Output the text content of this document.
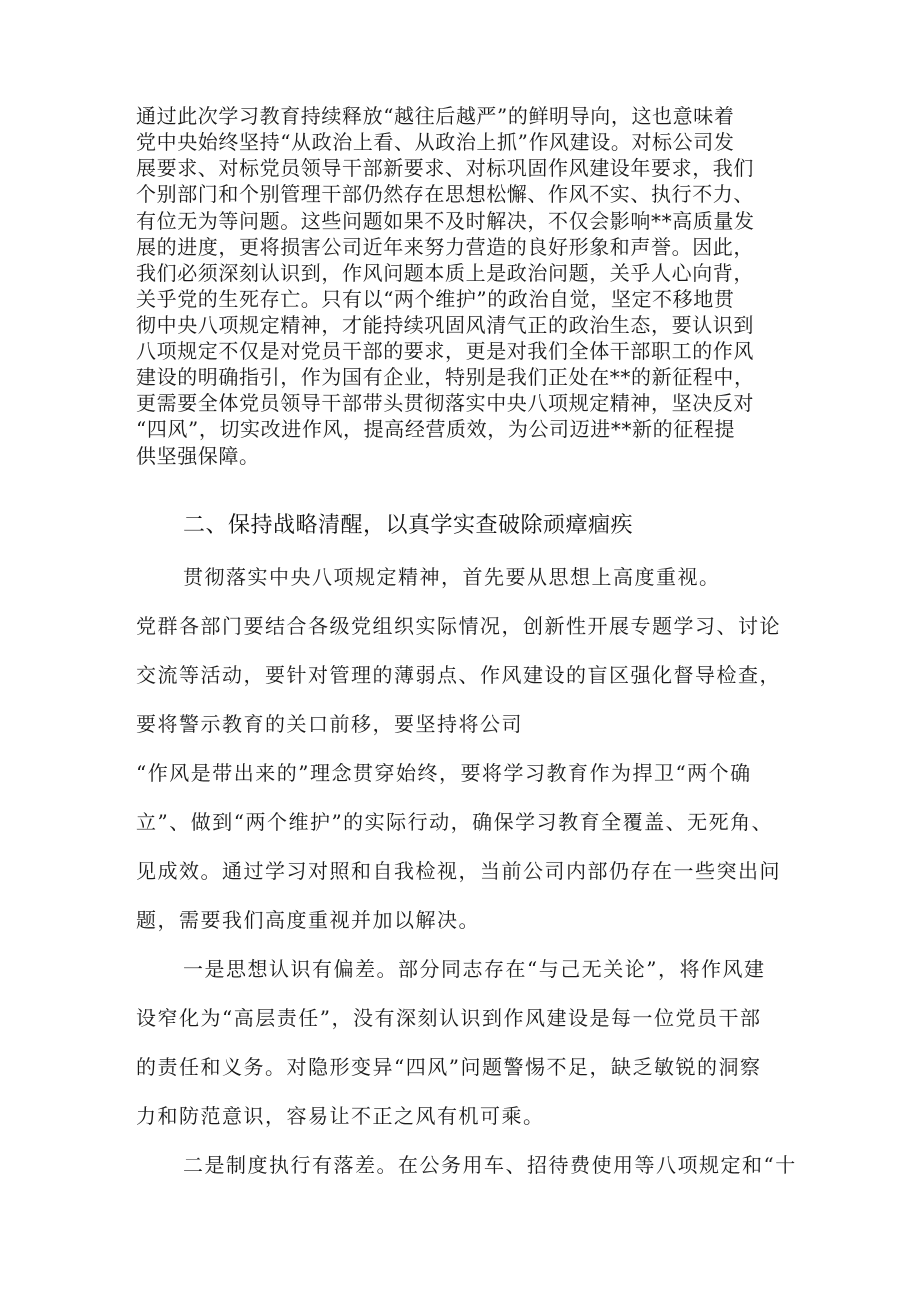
通过此次学习教育持续释放“越往后越严”的鲜明导向，这也意味着
党中央始终坚持“从政治上看、从政治上抓”作风建设。对标公司发
展要求、对标党员领导干部新要求、对标巩固作风建设年要求，我们
个别部门和个别管理干部仍然存在思想松懈、作风不实、执行不力、
有位无为等问题。这些问题如果不及时解决，不仅会影响**高质量发
展的进度，更将损害公司近年来努力营造的良好形象和声誉。因此，
我们必须深刻认识到，作风问题本质上是政治问题，关乎人心向背，
关乎党的生死存亡。只有以“两个维护”的政治自觉，坚定不移地贯
彻中央八项规定精神，才能持续巩固风清气正的政治生态，要认识到
八项规定不仅是对党员干部的要求，更是对我们全体干部职工的作风
建设的明确指引，作为国有企业，特别是我们正处在**的新征程中，
更需要全体党员领导干部带头贯彻落实中央八项规定精神，坚决反对
“四风”，切实改进作风，提高经营质效，为公司迈进**新的征程提
供坚强保障。
二、保持战略清醒，以真学实查破除顽瘴痼疾
贯彻落实中央八项规定精神，首先要从思想上高度重视。
党群各部门要结合各级党组织实际情况，创新性开展专题学习、讨论
交流等活动，要针对管理的薄弱点、作风建设的盲区强化督导检查，
要将警示教育的关口前移，要坚持将公司
“作风是带出来的”理念贯穿始终，要将学习教育作为捍卫“两个确
立”、做到“两个维护”的实际行动，确保学习教育全覆盖、无死角、
见成效。通过学习对照和自我检视，当前公司内部仍存在一些突出问
题，需要我们高度重视并加以解决。
一是思想认识有偏差。部分同志存在“与己无关论”，将作风建
设窄化为“高层责任”，没有深刻认识到作风建设是每一位党员干部
的责任和义务。对隐形变异“四风”问题警惕不足，缺乏敏锐的洞察
力和防范意识，容易让不正之风有机可乘。
二是制度执行有落差。在公务用车、招待费使用等八项规定和“十
